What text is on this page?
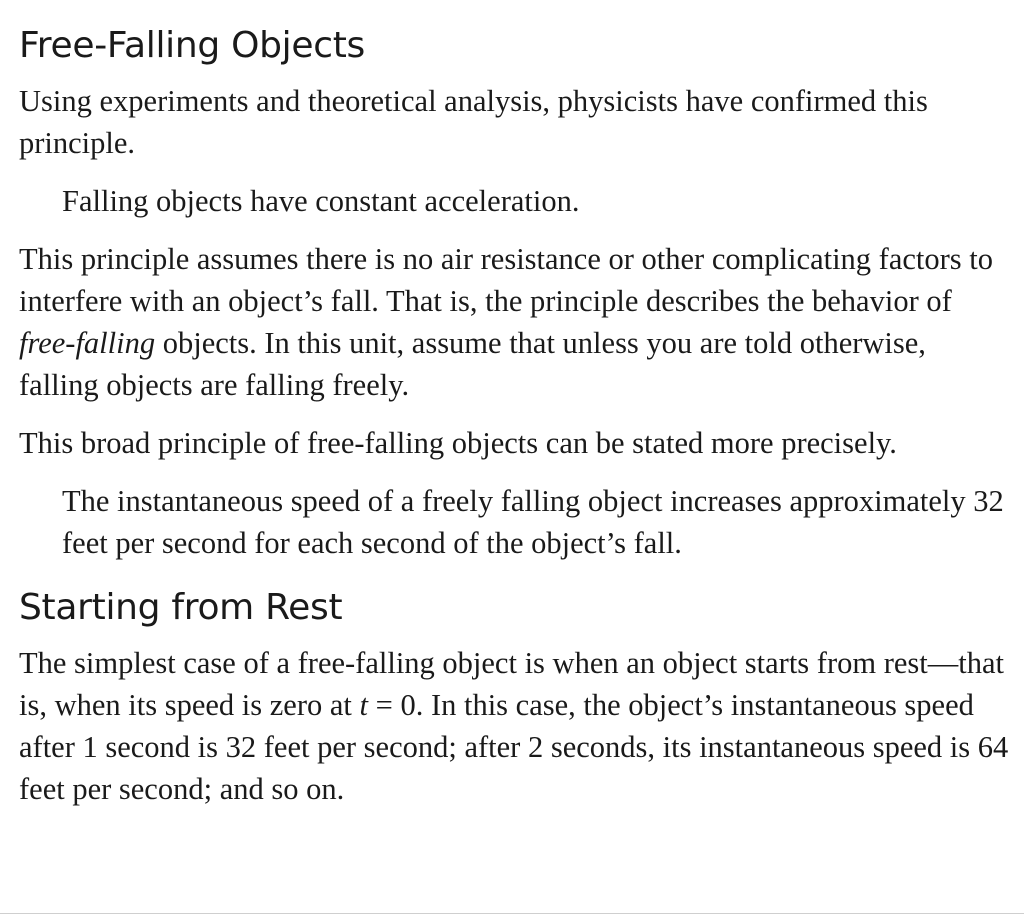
Free-Falling Objects

Using experiments and theoretical analysis, physicists have confirmed this principle.

Falling objects have constant acceleration.

This principle assumes there is no air resistance or other complicating factors to interfere with an object’s fall. That is, the principle describes the behavior of free-falling objects. In this unit, assume that unless you are told otherwise, falling objects are falling freely.

This broad principle of free-falling objects can be stated more precisely.

The instantaneous speed of a freely falling object increases approximately 32 feet per second for each second of the object’s fall.

Starting from Rest

The simplest case of a free-falling object is when an object starts from rest—that is, when its speed is zero at t = 0. In this case, the object’s instantaneous speed after 1 second is 32 feet per second; after 2 seconds, its instantaneous speed is 64 feet per second; and so on.
